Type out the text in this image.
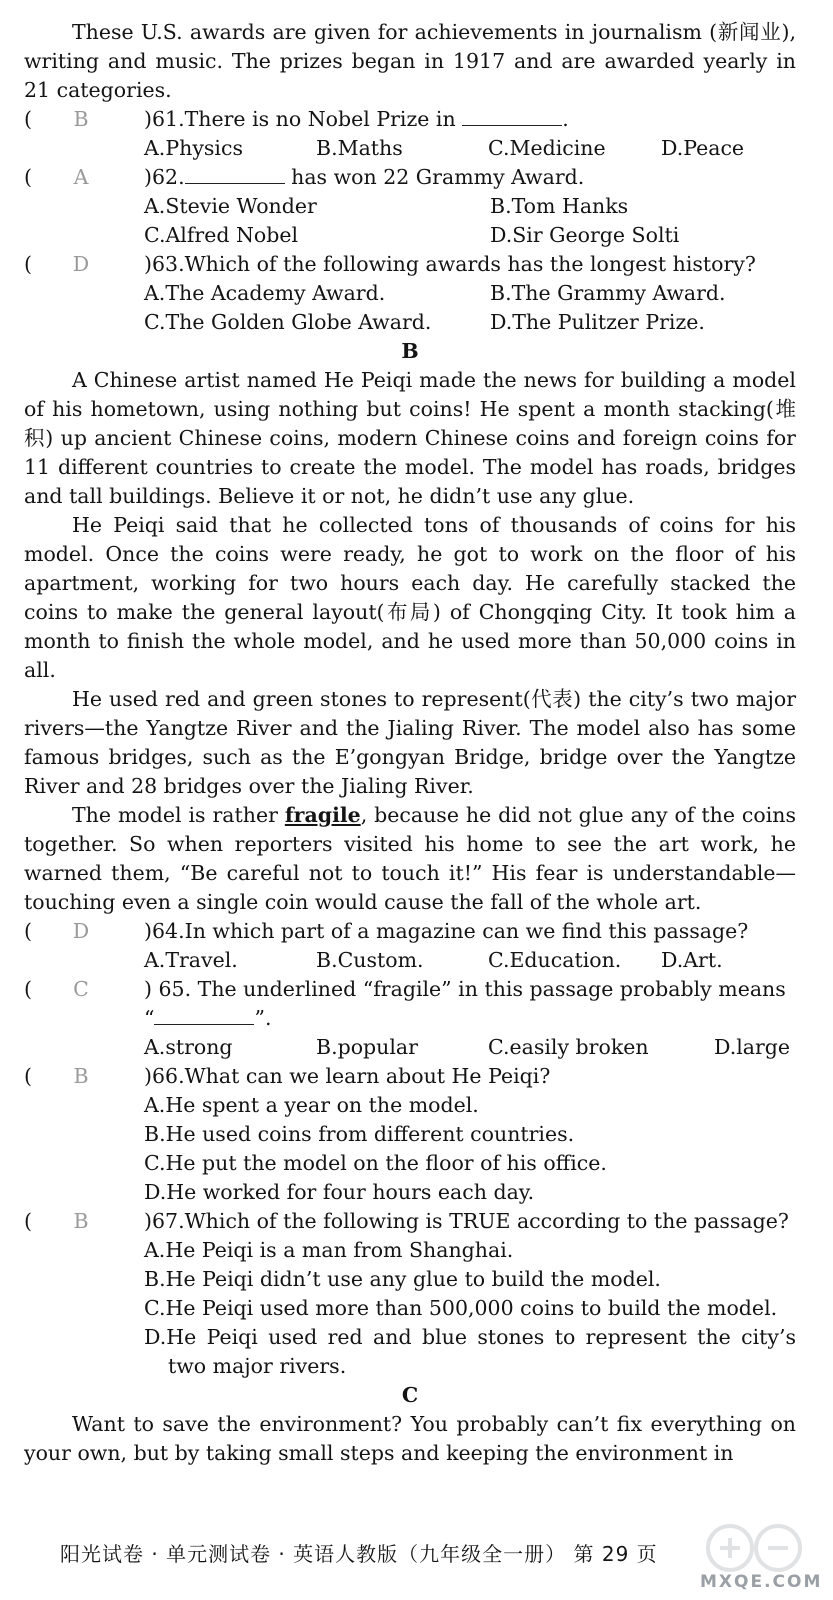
These U.S. awards are given for achievements in journalism (新闻业), writing and music. The prizes began in 1917 and are awarded yearly in 21 categories.

(	B	)61. There is no Nobel Prize in
	.
A.Physics	B.Maths	C.Medicine	D.Peace
(	A	)62.	has won 22 Grammy Award.
A.Stevie Wonder	B.Tom Hanks
C.Alfred Nobel	D.Sir George Solti
(	D	)63. Which of the following awards has the longest history?
A.The Academy Award.	B.The Grammy Award.
C.The Golden Globe Award.	D.The Pulitzer Prize.

B

A Chinese artist named He Peiqi made the news for building a model of his hometown, using nothing but coins! He spent a month stacking(堆积) up ancient Chinese coins, modern Chinese coins and foreign coins for 11 different countries to create the model. The model has roads, bridges and tall buildings. Believe it or not, he didn’t use any glue.

He Peiqi said that he collected tons of thousands of coins for his model. Once the coins were ready, he got to work on the floor of his apartment, working for two hours each day. He carefully stacked the coins to make the general layout(布局) of Chongqing City. It took him a month to finish the whole model, and he used more than 50,000 coins in all.

He used red and green stones to represent(代表) the city’s two major rivers—the Yangtze River and the Jialing River. The model also has some famous bridges, such as the E’gongyan Bridge, bridge over the Yangtze River and 28 bridges over the Jialing River.

The model is rather fragile, because he did not glue any of the coins together. So when reporters visited his home to see the art work, he warned them, “Be careful not to touch it!” His fear is understandable—touching even a single coin would cause the fall of the whole art.

(	D	)64. In which part of a magazine can we find this passage?
A.Travel.	B.Custom.	C.Education.	D.Art.
(	C	) 65.
The underlined “fragile” in this passage probably means
“	”.
A.strong	B.popular	C.easily broken	D.large
(	B	)66. What can we learn about He Peiqi?
A.He spent a year on the model.
B.He used coins from different countries.
C.He put the model on the floor of his office.
D.He worked for four hours each day.
(	B	)67. Which of the following is TRUE according to the passage?
A.He Peiqi is a man from Shanghai.
B.He Peiqi didn’t use any glue to build the model.
C.He Peiqi used more than 500,000 coins to build the model.
D.He Peiqi used red and blue stones to represent the city’s two major rivers.

C

Want to save the environment? You probably can’t fix everything on your own, but by taking small steps and keeping the environment in

阳光试卷 · 单元测试卷 · 英语人教版（九年级全一册） 第 29 页
MXQE.COM
